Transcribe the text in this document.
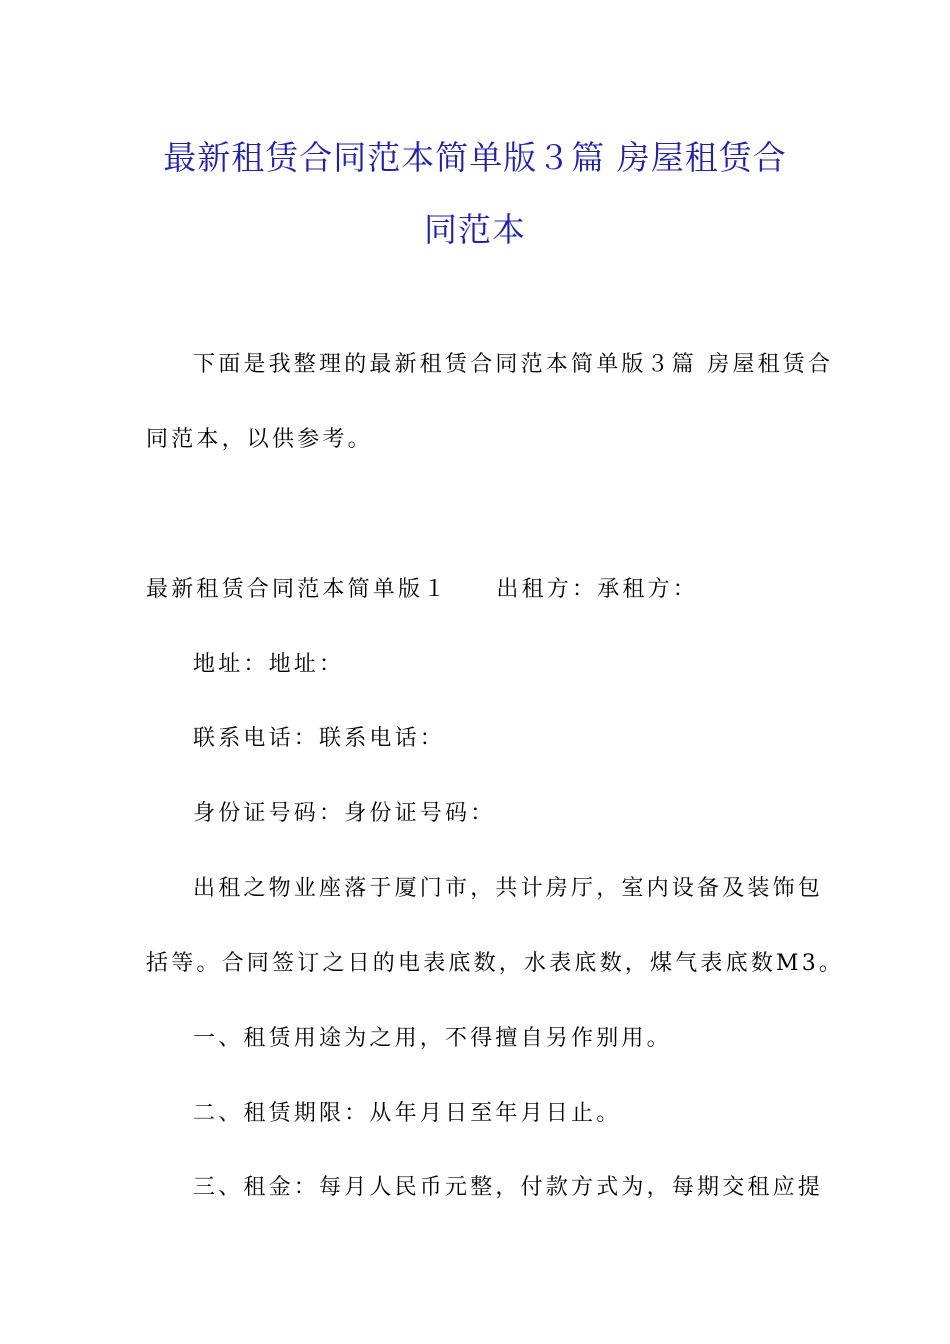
最新租赁合同范本简单版３篇 房屋租赁合
同范本
下面是我整理的最新租赁合同范本简单版３篇 房屋租赁合
同范本，以供参考。
最新租赁合同范本简单版１ 出租方：承租方：
地址：地址：
联系电话：联系电话：
身份证号码：身份证号码：
出租之物业座落于厦门市，共计房厅，室内设备及装饰包
括等。合同签订之日的电表底数，水表底数，煤气表底数M3。
一、租赁用途为之用，不得擅自另作别用。
二、租赁期限：从年月日至年月日止。
三、租金：每月人民币元整，付款方式为，每期交租应提
